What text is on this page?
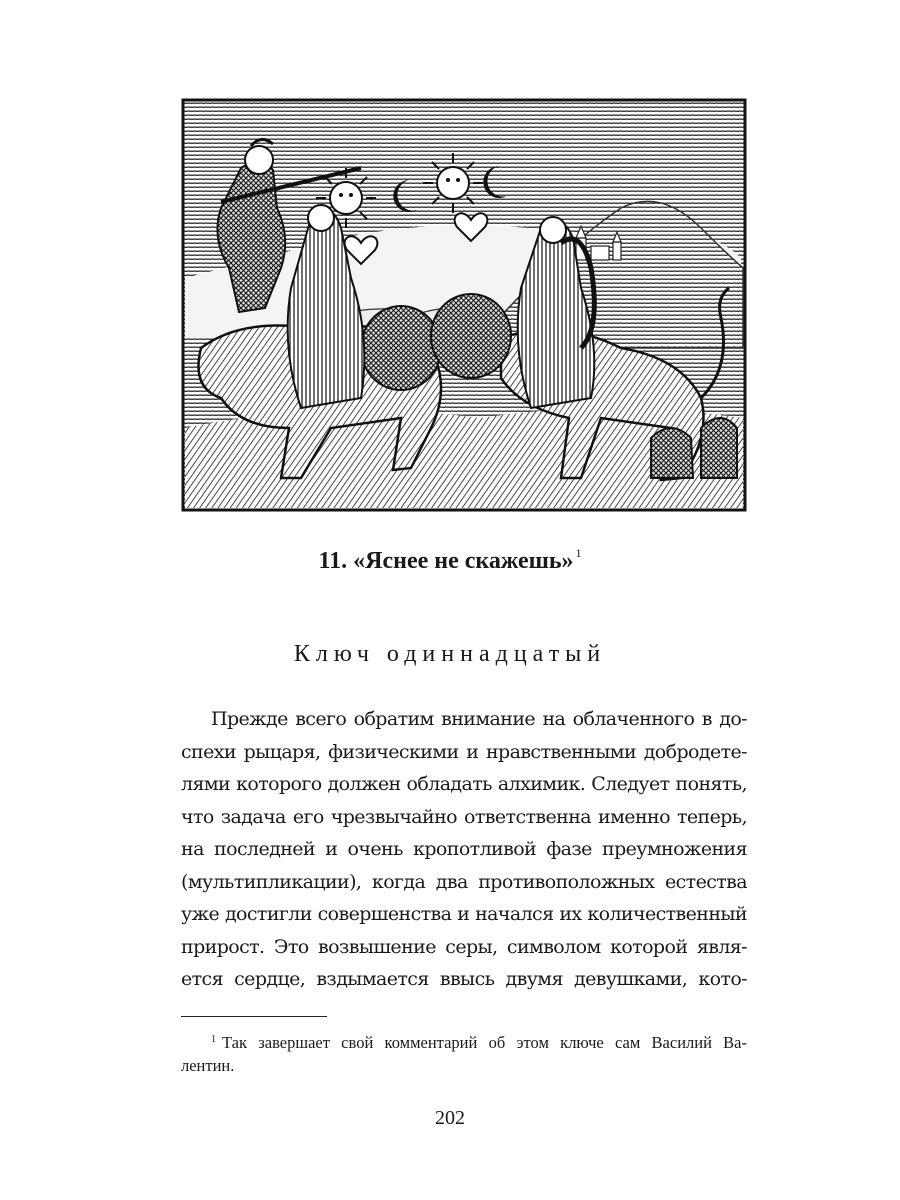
11. «Яснее не скажешь» $^1$
Ключ одиннадцатый
Прежде всего обратим внимание на облаченного в до-
спехи рыцаря, физическими и нравственными добродете-
лями которого должен обладать алхимик. Следует понять,
что задача его чрезвычайно ответственна именно теперь,
на последней и очень кропотливой фазе преумножения
(мультипликации), когда два противоположных естества
уже достигли совершенства и начался их количественный
прирост. Это возвышение серы, символом которой явля-
ется сердце, вздымается ввысь двумя девушками, кото-
$^1$ Так завершает свой комментарий об этом ключе сам Василий Ва-
лентин.
202
